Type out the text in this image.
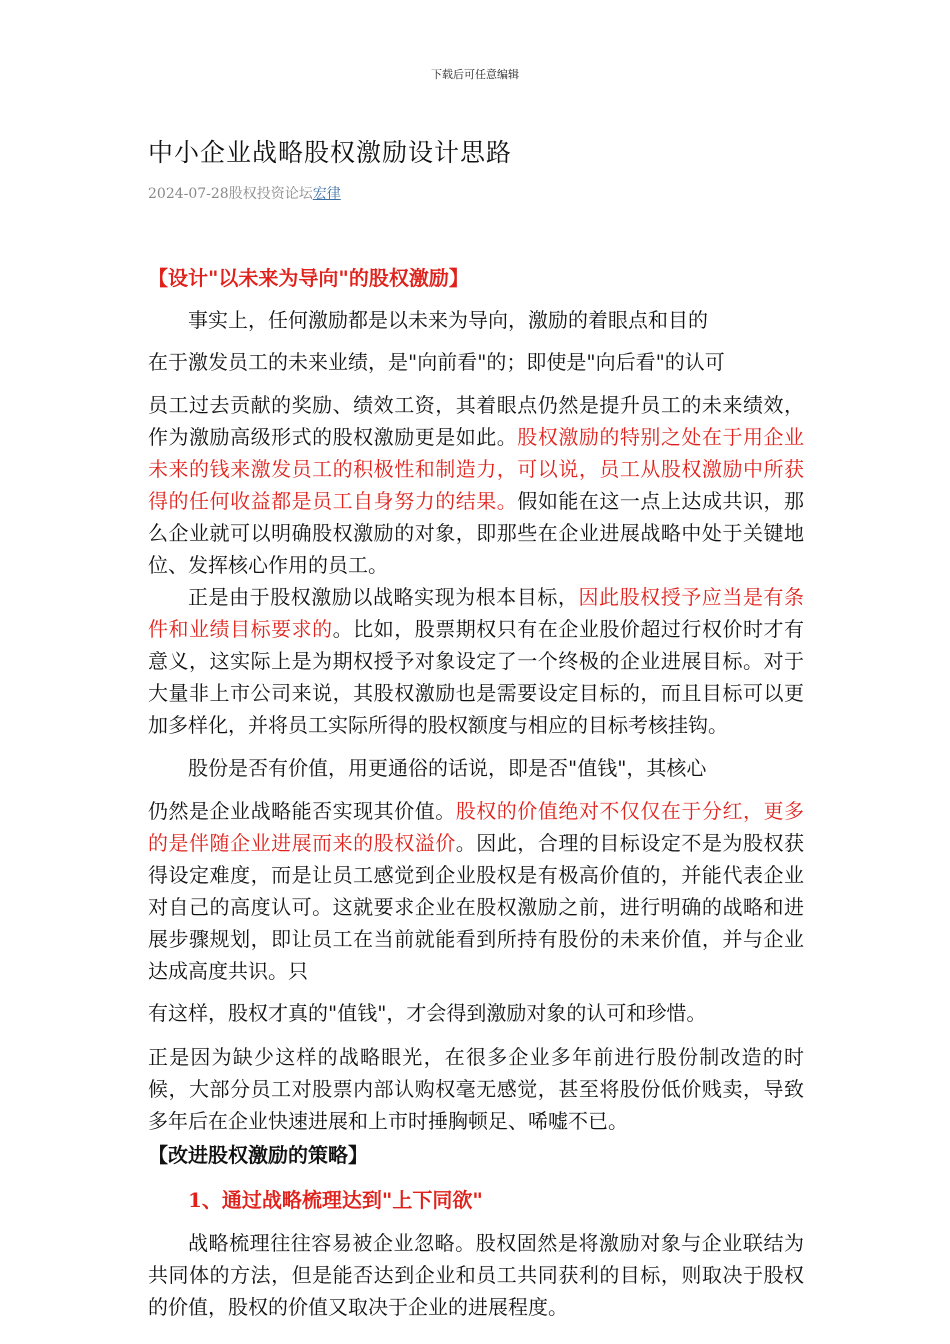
下载后可任意编辑
中小企业战略股权激励设计思路
2024-07-28股权投资论坛宏律
【设计"以未来为导向"的股权激励】

事实上，任何激励都是以未来为导向，激励的着眼点和目的

在于激发员工的未来业绩，是"向前看"的；即使是"向后看"的认可

员工过去贡献的奖励、绩效工资，其着眼点仍然是提升员工的未来绩效，作为激励高级形式的股权激励更是如此。股权激励的特别之处在于用企业未来的钱来激发员工的积极性和制造力，可以说，员工从股权激励中所获得的任何收益都是员工自身努力的结果。假如能在这一点上达成共识，那么企业就可以明确股权激励的对象，即那些在企业进展战略中处于关键地位、发挥核心作用的员工。

正是由于股权激励以战略实现为根本目标，因此股权授予应当是有条件和业绩目标要求的。比如，股票期权只有在企业股价超过行权价时才有意义，这实际上是为期权授予对象设定了一个终极的企业进展目标。对于大量非上市公司来说，其股权激励也是需要设定目标的，而且目标可以更加多样化，并将员工实际所得的股权额度与相应的目标考核挂钩。

股份是否有价值，用更通俗的话说，即是否"值钱"，其核心

仍然是企业战略能否实现其价值。股权的价值绝对不仅仅在于分红，更多的是伴随企业进展而来的股权溢价。因此，合理的目标设定不是为股权获得设定难度，而是让员工感觉到企业股权是有极高价值的，并能代表企业对自己的高度认可。这就要求企业在股权激励之前，进行明确的战略和进展步骤规划，即让员工在当前就能看到所持有股份的未来价值，并与企业达成高度共识。只

有这样，股权才真的"值钱"，才会得到激励对象的认可和珍惜。

正是因为缺少这样的战略眼光，在很多企业多年前进行股份制改造的时候，大部分员工对股票内部认购权毫无感觉，甚至将股份低价贱卖，导致多年后在企业快速进展和上市时捶胸顿足、唏嘘不已。

【改进股权激励的策略】
1、通过战略梳理达到"上下同欲"

战略梳理往往容易被企业忽略。股权固然是将激励对象与企业联结为共同体的方法，但是能否达到企业和员工共同获利的目标，则取决于股权的价值，股权的价值又取决于企业的进展程度。
